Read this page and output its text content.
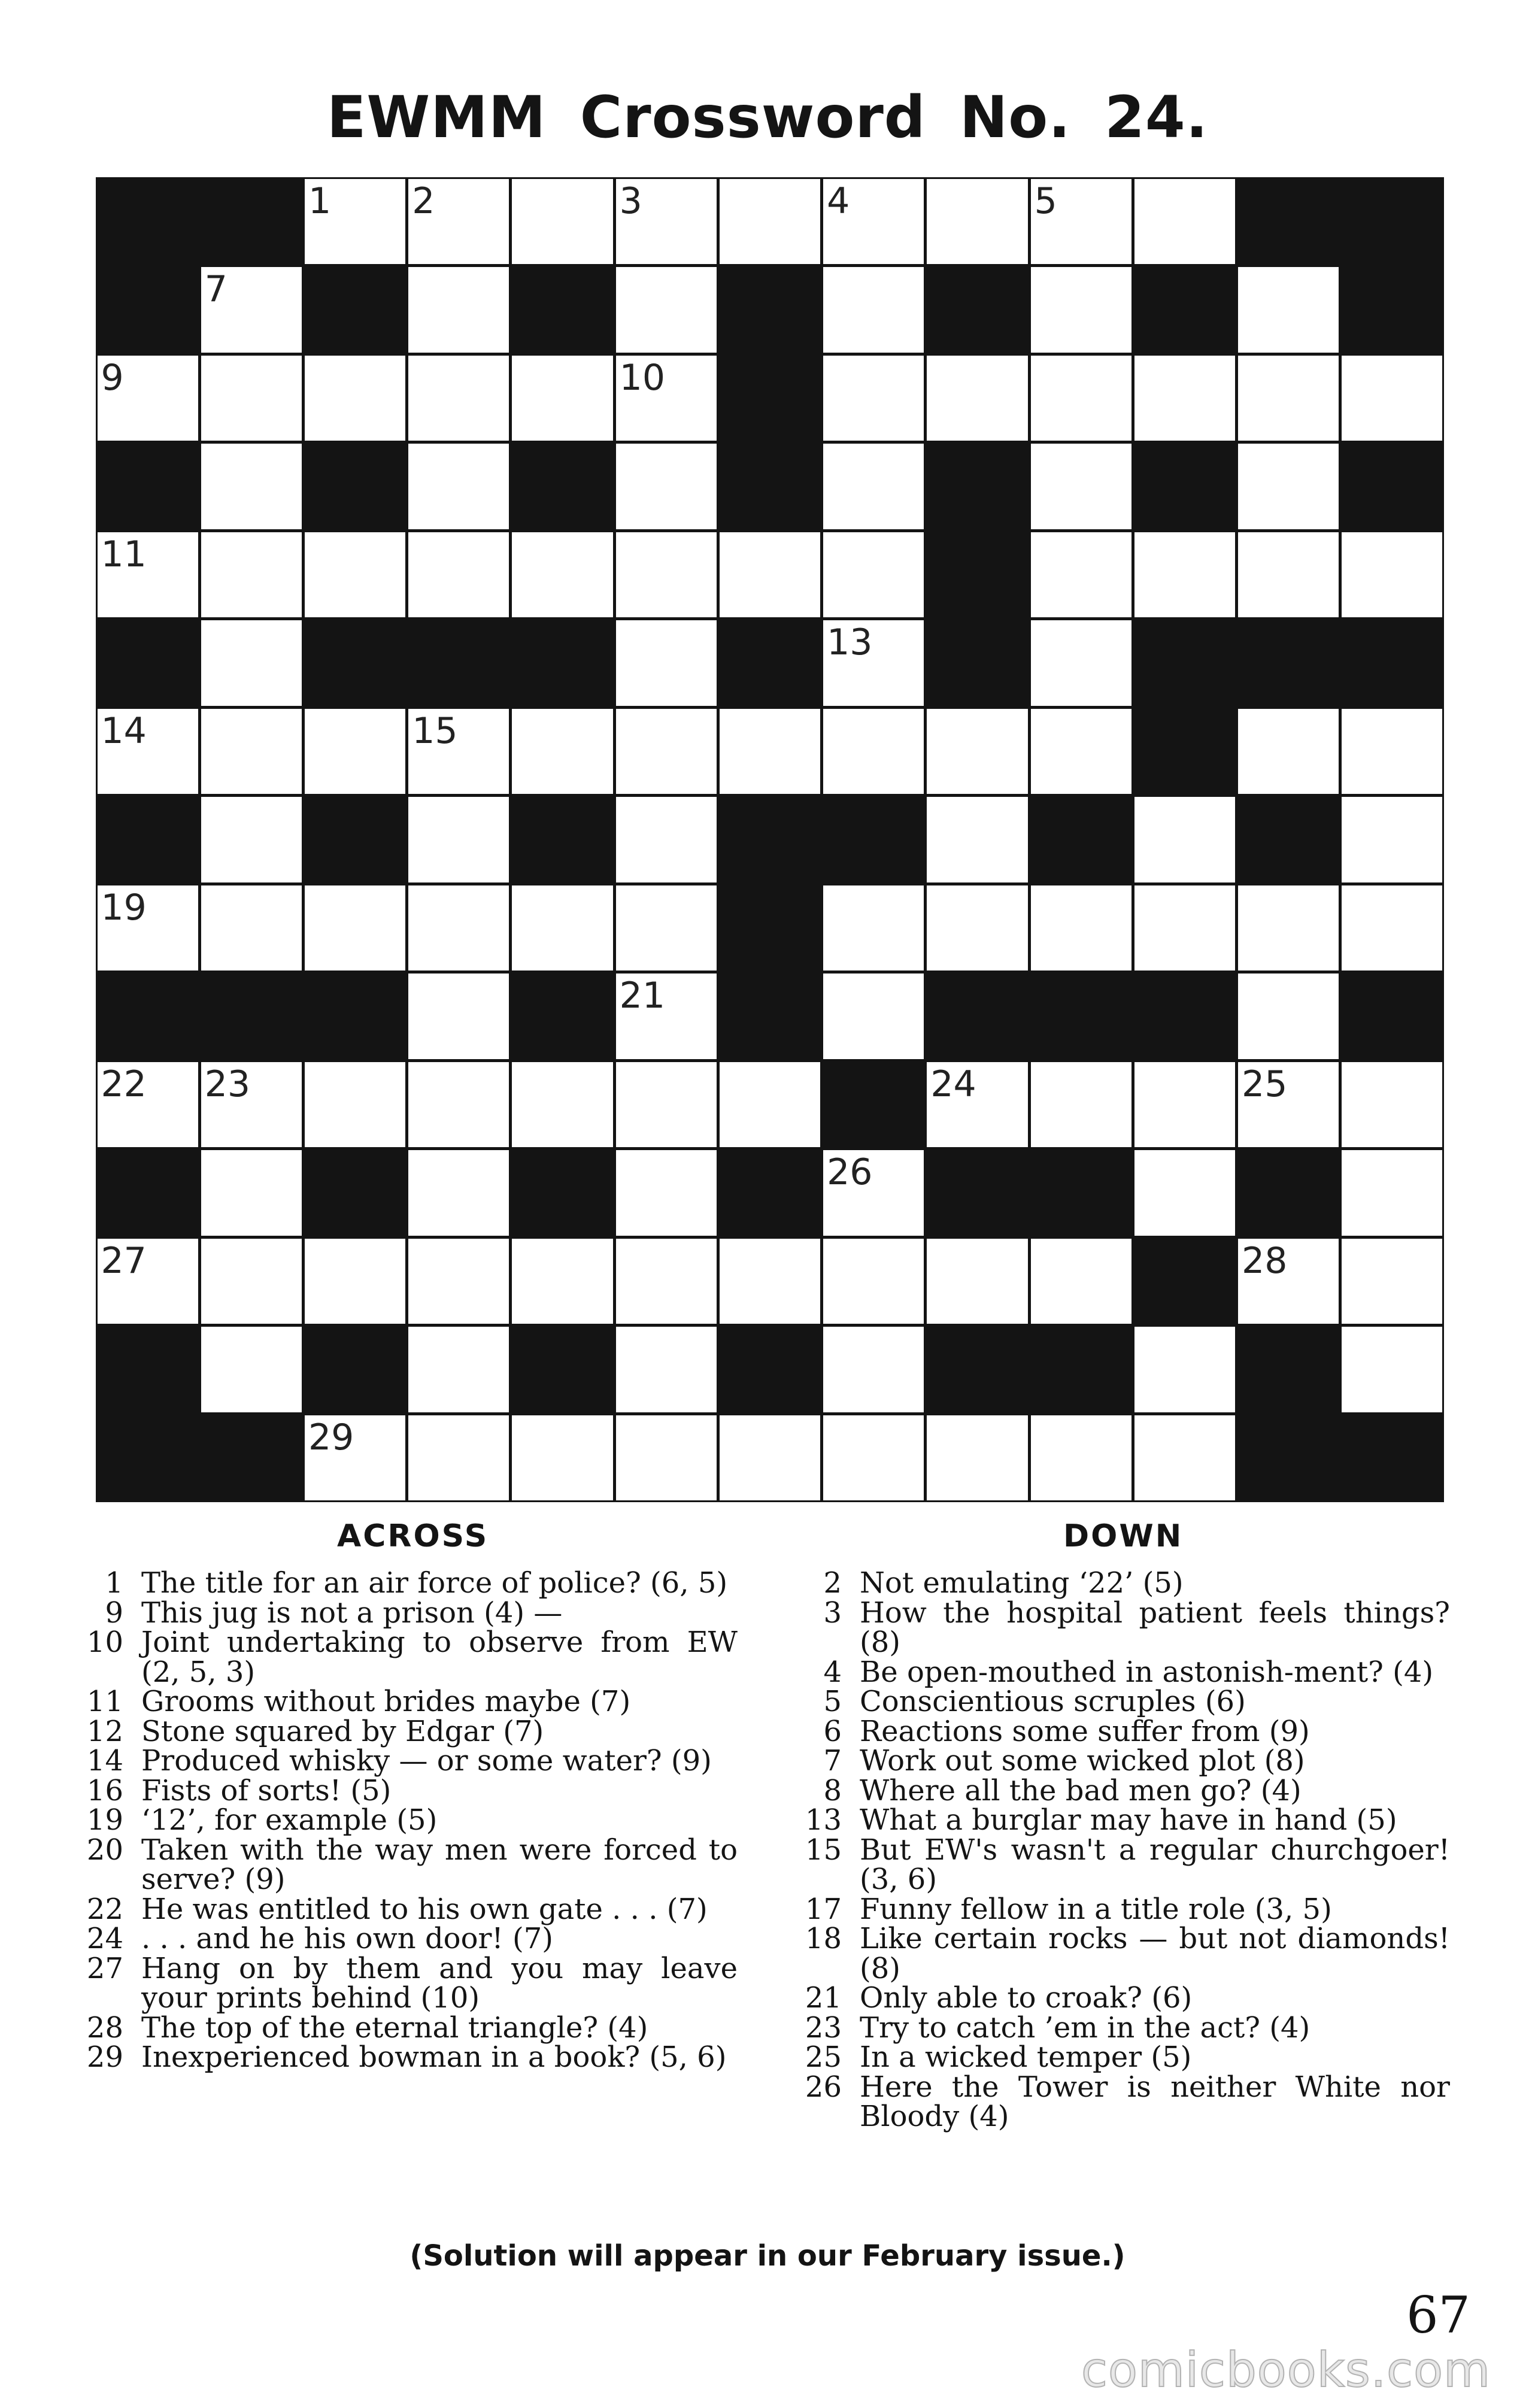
EWMM Crossword No. 24.
1 2	3	4	5
7
9	10
11
13
14	15
19
21
22 23	24	25
26
27	28
29
ACROSS	DOWN
1 The title for an air force of police? (6, 5)
9 This jug is not a prison (4) —
10 Joint undertaking to observe from EW (2, 5, 3)
11 Grooms without brides maybe (7)
12 Stone squared by Edgar (7)
14 Produced whisky — or some water? (9)
16 Fists of sorts! (5)
19 ‘12’, for example (5)
20 Taken with the way men were forced to serve? (9)
22 He was entitled to his own gate . . . (7)
24 . . . and he his own door! (7)
27 Hang on by them and you may leave your prints behind (10)
28 The top of the eternal triangle? (4)
29 Inexperienced bowman in a book? (5, 6)
2 Not emulating ‘22’ (5)
3 How the hospital patient feels things? (8)
4 Be open-mouthed in astonish-ment? (4)
5 Conscientious scruples (6)
6 Reactions some suffer from (9)
7 Work out some wicked plot (8)
8 Where all the bad men go? (4)
13 What a burglar may have in hand (5)
15 But EW's wasn't a regular churchgoer! (3, 6)
17 Funny fellow in a title role (3, 5)
18 Like certain rocks — but not diamonds! (8)
21 Only able to croak? (6)
23 Try to catch ’em in the act? (4)
25 In a wicked temper (5)
26 Here the Tower is neither White nor Bloody (4)

(Solution will appear in our February issue.)

67
comicbooks.com
